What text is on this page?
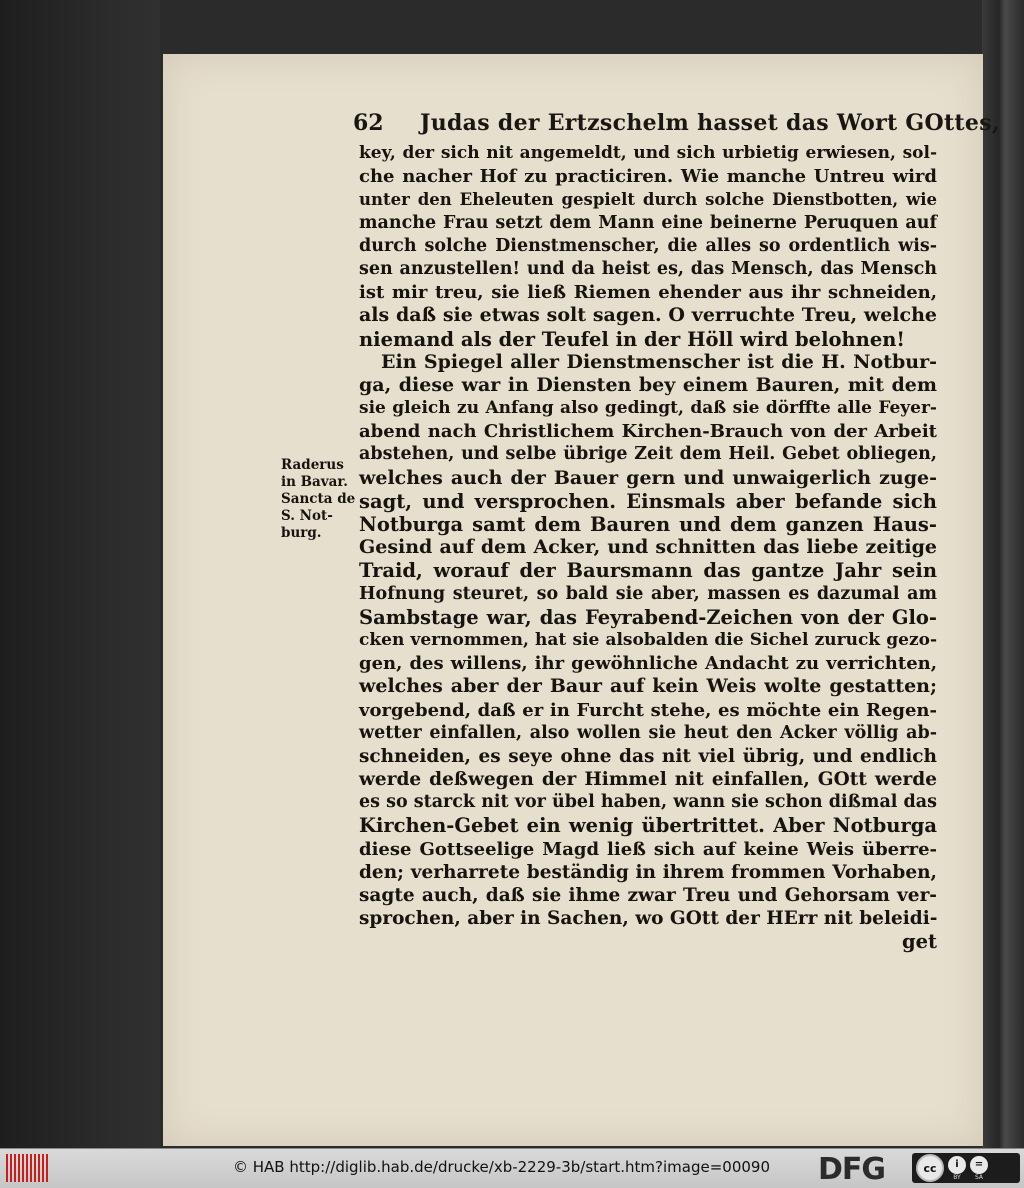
62 Judas der Ertzschelm hasset das Wort GOttes,
Raderus
in Bavar.
Sancta de
S. Not-
burg.
key, der sich nit angemeldt, und sich urbietig erwiesen, sol-
che nacher Hof zu practiciren. Wie manche Untreu wird
unter den Eheleuten gespielt durch solche Dienstbotten, wie
manche Frau setzt dem Mann eine beinerne Peruquen auf
durch solche Dienstmenscher, die alles so ordentlich wis-
sen anzustellen! und da heist es, das Mensch, das Mensch
ist mir treu, sie ließ Riemen ehender aus ihr schneiden,
als daß sie etwas solt sagen. O verruchte Treu, welche
niemand als der Teufel in der Höll wird belohnen!
Ein Spiegel aller Dienstmenscher ist die H. Notbur-
ga, diese war in Diensten bey einem Bauren, mit dem
sie gleich zu Anfang also gedingt, daß sie dörffte alle Feyer-
abend nach Christlichem Kirchen-Brauch von der Arbeit
abstehen, und selbe übrige Zeit dem Heil. Gebet obliegen,
welches auch der Bauer gern und unwaigerlich zuge-
sagt, und versprochen. Einsmals aber befande sich
Notburga samt dem Bauren und dem ganzen Haus-
Gesind auf dem Acker, und schnitten das liebe zeitige
Traid, worauf der Baursmann das gantze Jahr sein
Hofnung steuret, so bald sie aber, massen es dazumal am
Sambstage war, das Feyrabend-Zeichen von der Glo-
cken vernommen, hat sie alsobalden die Sichel zuruck gezo-
gen, des willens, ihr gewöhnliche Andacht zu verrichten,
welches aber der Baur auf kein Weis wolte gestatten;
vorgebend, daß er in Furcht stehe, es möchte ein Regen-
wetter einfallen, also wollen sie heut den Acker völlig ab-
schneiden, es seye ohne das nit viel übrig, und endlich
werde deßwegen der Himmel nit einfallen, GOtt werde
es so starck nit vor übel haben, wann sie schon dißmal das
Kirchen-Gebet ein wenig übertrittet. Aber Notburga
diese Gottseelige Magd ließ sich auf keine Weis überre-
den; verharrete beständig in ihrem frommen Vorhaben,
sagte auch, daß sie ihme zwar Treu und Gehorsam ver-
sprochen, aber in Sachen, wo GOtt der HErr nit beleidi-
get
© HAB http://diglib.hab.de/drucke/xb-2229-3b/start.htm?image=00090 DFG	cc	i
BY
=
SA
